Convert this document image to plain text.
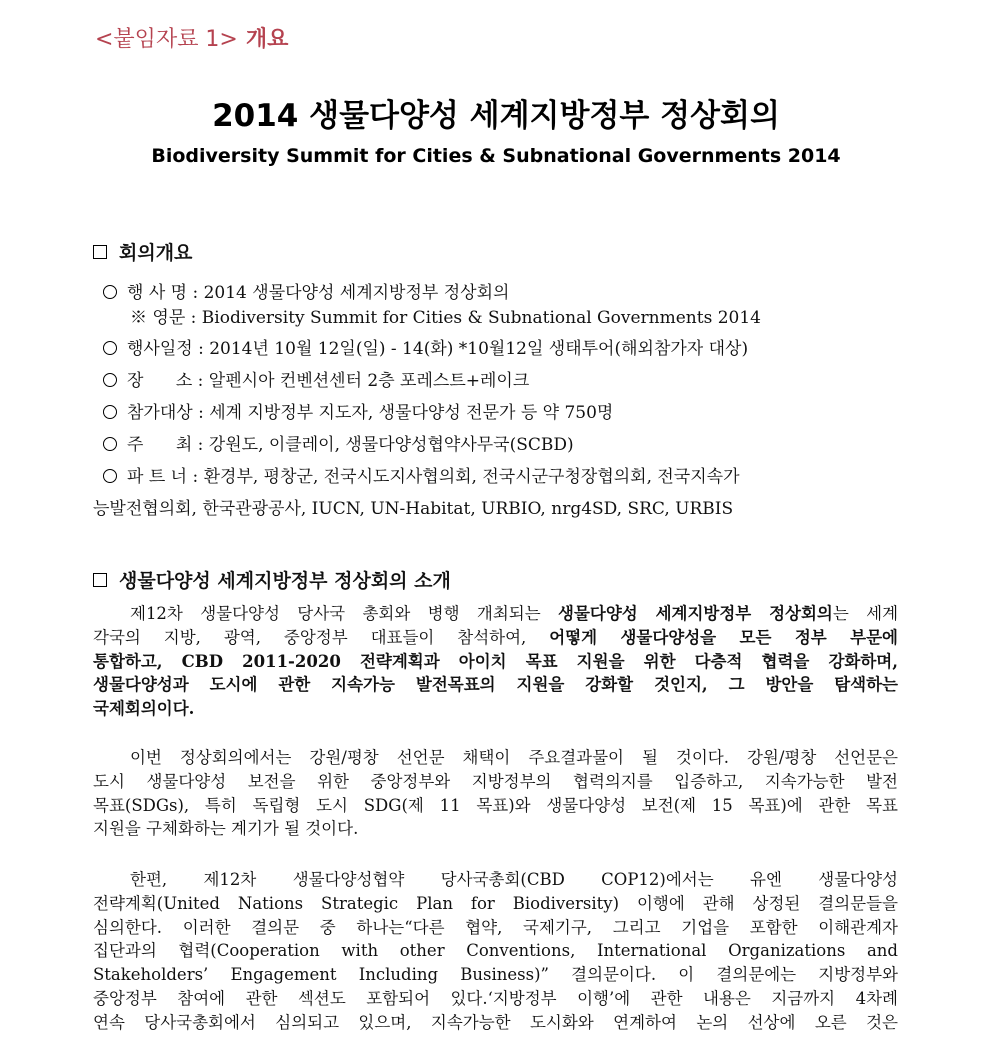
<붙임자료 1> 개요
2014 생물다양성 세계지방정부 정상회의
Biodiversity Summit for Cities & Subnational Governments 2014
회의개요
행 사 명 : 2014 생물다양성 세계지방정부 정상회의
※ 영문 : Biodiversity Summit for Cities & Subnational Governments 2014
행사일정 : 2014년 10월 12일(일) - 14(화) *10월12일 생태투어(해외참가자 대상)
장      소 : 알펜시아 컨벤션센터 2층 포레스트+레이크
참가대상 : 세계 지방정부 지도자, 생물다양성 전문가 등 약 750명
주      최 : 강원도, 이클레이, 생물다양성협약사무국(SCBD)
파 트 너 : 환경부, 평창군, 전국시도지사협의회, 전국시군구청장협의회, 전국지속가
능발전협의회, 한국관광공사, IUCN, UN-Habitat, URBIO, nrg4SD, SRC, URBIS
생물다양성 세계지방정부 정상회의 소개
제12차 생물다양성 당사국 총회와 병행 개최되는 생물다양성 세계지방정부 정상회의는 세계
각국의 지방, 광역, 중앙정부 대표들이 참석하여, 어떻게 생물다양성을 모든 정부 부문에
통합하고, CBD 2011-2020 전략계획과 아이치 목표 지원을 위한 다층적 협력을 강화하며,
생물다양성과 도시에 관한 지속가능 발전목표의 지원을 강화할 것인지, 그 방안을 탐색하는
국제회의이다.
이번 정상회의에서는 강원/평창 선언문 채택이 주요결과물이 될 것이다. 강원/평창 선언문은
도시 생물다양성 보전을 위한 중앙정부와 지방정부의 협력의지를 입증하고, 지속가능한 발전
목표(SDGs), 특히 독립형 도시 SDG(제 11 목표)와 생물다양성 보전(제 15 목표)에 관한 목표
지원을 구체화하는 계기가 될 것이다.
한편, 제12차 생물다양성협약 당사국총회(CBD COP12)에서는 유엔 생물다양성
전략계획(United Nations Strategic Plan for Biodiversity) 이행에 관해 상정된 결의문들을
심의한다. 이러한 결의문 중 하나는“다른 협약, 국제기구, 그리고 기업을 포함한 이해관계자
집단과의 협력(Cooperation with other Conventions, International Organizations and
Stakeholders’ Engagement Including Business)” 결의문이다. 이 결의문에는 지방정부와
중앙정부 참여에 관한 섹션도 포함되어 있다.‘지방정부 이행’에 관한 내용은 지금까지 4차례
연속 당사국총회에서 심의되고 있으며, 지속가능한 도시화와 연계하여 논의 선상에 오른 것은
